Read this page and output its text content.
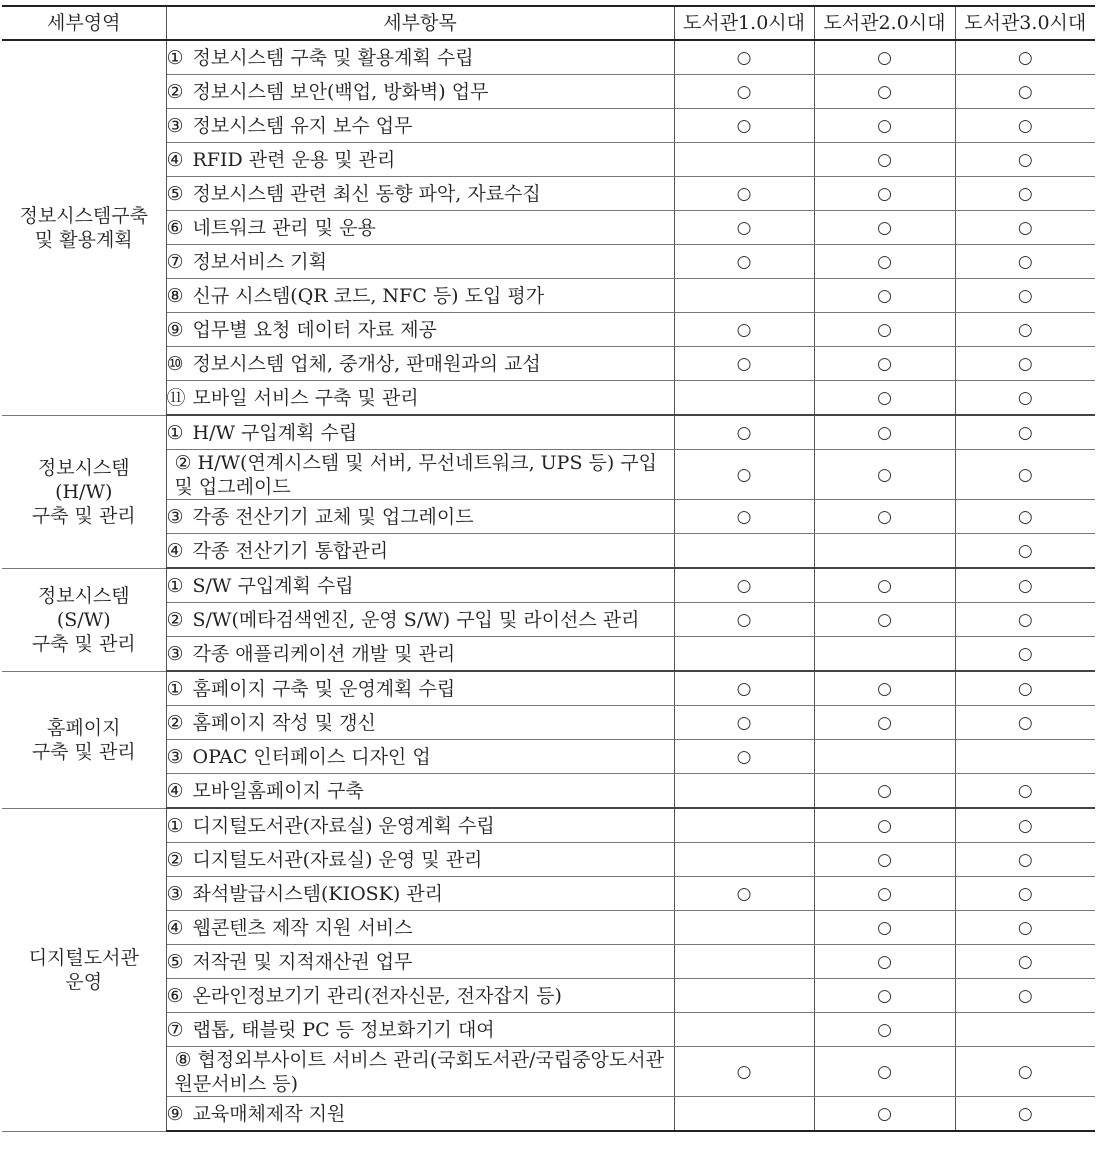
세부영역	세부항목	도서관1.0시대	도서관2.0시대	도서관3.0시대

정보시스템구축
및 활용계획	① 정보시스템 구축 및 활용계획 수립	○	○	○
	② 정보시스템 보안(백업, 방화벽) 업무	○	○	○
	③ 정보시스템 유지 보수 업무	○	○	○
	④ RFID 관련 운용 및 관리		○	○
	⑤ 정보시스템 관련 최신 동향 파악, 자료수집	○	○	○
	⑥ 네트워크 관리 및 운용	○	○	○
	⑦ 정보서비스 기획	○	○	○
	⑧ 신규 시스템(QR 코드, NFC 등) 도입 평가		○	○
	⑨ 업무별 요청 데이터 자료 제공	○	○	○
	⑩ 정보시스템 업체, 중개상, 판매원과의 교섭	○	○	○
	⑪ 모바일 서비스 구축 및 관리		○	○

정보시스템
(H/W)
구축 및 관리	① H/W 구입계획 수립	○	○	○
	② H/W(연계시스템 및 서버, 무선네트워크, UPS 등) 구입 및 업그레이드	○	○	○
	③ 각종 전산기기 교체 및 업그레이드	○	○	○
	④ 각종 전산기기 통합관리			○

정보시스템
(S/W)
구축 및 관리	① S/W 구입계획 수립	○	○	○
	② S/W(메타검색엔진, 운영 S/W) 구입 및 라이선스 관리	○	○	○
	③ 각종 애플리케이션 개발 및 관리			○

홈페이지
구축 및 관리	① 홈페이지 구축 및 운영계획 수립	○	○	○
	② 홈페이지 작성 및 갱신	○	○	○
	③ OPAC 인터페이스 디자인 업	○		
	④ 모바일홈페이지 구축		○	○

디지털도서관
운영	① 디지털도서관(자료실) 운영계획 수립		○	○
	② 디지털도서관(자료실) 운영 및 관리		○	○
	③ 좌석발급시스템(KIOSK) 관리	○	○	○
	④ 웹콘텐츠 제작 지원 서비스		○	○
	⑤ 저작권 및 지적재산권 업무		○	○
	⑥ 온라인정보기기 관리(전자신문, 전자잡지 등)		○	○
	⑦ 랩톱, 태블릿 PC 등 정보화기기 대여		○	
	⑧ 협정외부사이트 서비스 관리(국회도서관/국립중앙도서관 원문서비스 등)	○	○	○
	⑨ 교육매체제작 지원		○	○
